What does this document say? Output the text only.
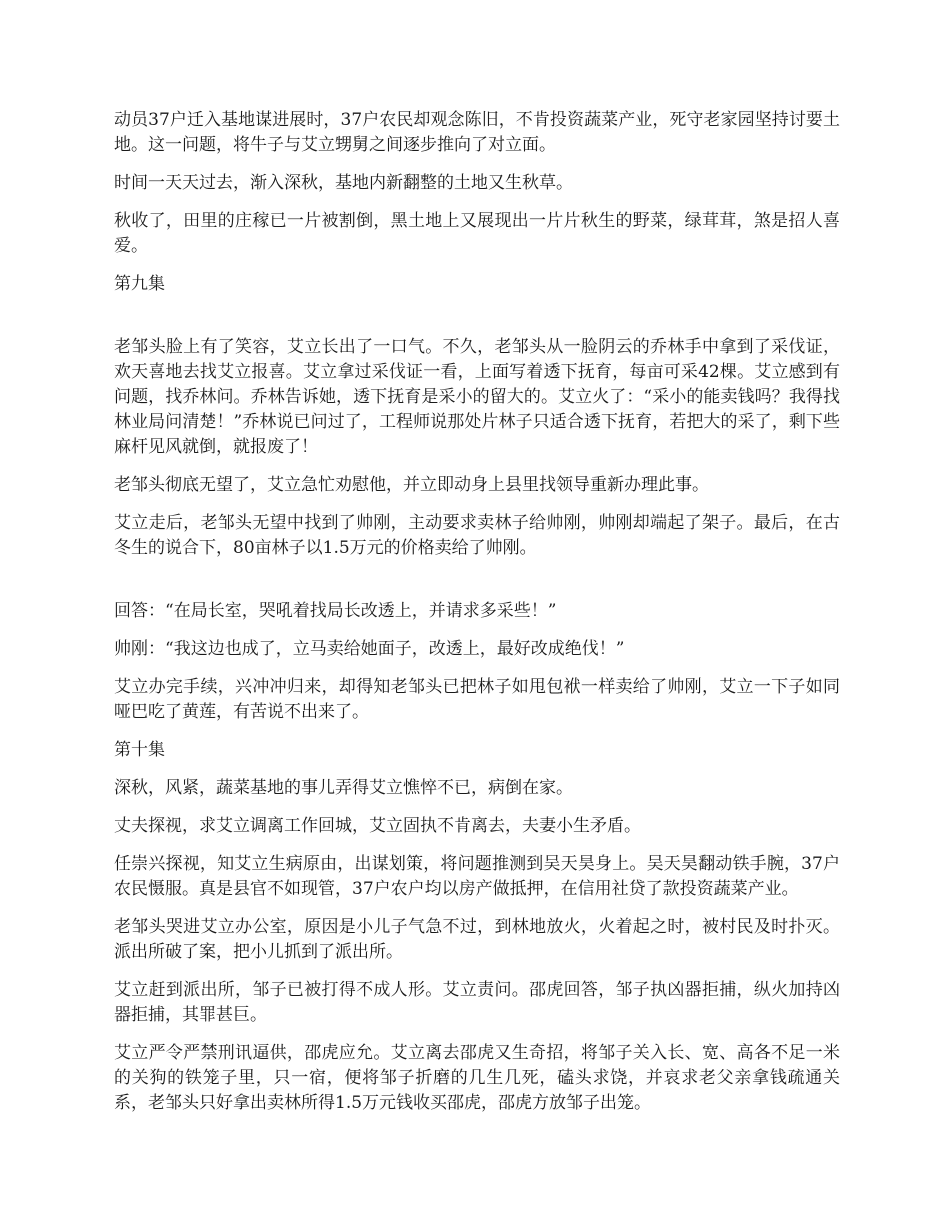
动员37户迁入基地谋进展时，37户农民却观念陈旧，不肯投资蔬菜产业，死守老家园坚持讨要土地。这一问题，将牛子与艾立甥舅之间逐步推向了对立面。

时间一天天过去，渐入深秋，基地内新翻整的土地又生秋草。

秋收了，田里的庄稼已一片被割倒，黑土地上又展现出一片片秋生的野菜，绿茸茸，煞是招人喜爱。

第九集

老邹头脸上有了笑容，艾立长出了一口气。不久，老邹头从一脸阴云的乔林手中拿到了采伐证，欢天喜地去找艾立报喜。艾立拿过采伐证一看，上面写着透下抚育，每亩可采42棵。艾立感到有问题，找乔林问。乔林告诉她，透下抚育是采小的留大的。艾立火了：“采小的能卖钱吗？我得找林业局问清楚！”乔林说已问过了，工程师说那处片林子只适合透下抚育，若把大的采了，剩下些麻杆见风就倒，就报废了！

老邹头彻底无望了，艾立急忙劝慰他，并立即动身上县里找领导重新办理此事。

艾立走后，老邹头无望中找到了帅刚，主动要求卖林子给帅刚，帅刚却端起了架子。最后，在古冬生的说合下，80亩林子以1.5万元的价格卖给了帅刚。

回答：“在局长室，哭吼着找局长改透上，并请求多采些！”

帅刚：“我这边也成了，立马卖给她面子，改透上，最好改成绝伐！”

艾立办完手续，兴冲冲归来，却得知老邹头已把林子如甩包袱一样卖给了帅刚，艾立一下子如同哑巴吃了黄莲，有苦说不出来了。

第十集

深秋，风紧，蔬菜基地的事儿弄得艾立憔悴不已，病倒在家。

丈夫探视，求艾立调离工作回城，艾立固执不肯离去，夫妻小生矛盾。

任崇兴探视，知艾立生病原由，出谋划策，将问题推测到吴天昊身上。吴天昊翻动铁手腕，37户农民慑服。真是县官不如现管，37户农户均以房产做抵押，在信用社贷了款投资蔬菜产业。

老邹头哭进艾立办公室，原因是小儿子气急不过，到林地放火，火着起之时，被村民及时扑灭。派出所破了案，把小儿抓到了派出所。

艾立赶到派出所，邹子已被打得不成人形。艾立责问。邵虎回答，邹子执凶器拒捕，纵火加持凶器拒捕，其罪甚巨。

艾立严令严禁刑讯逼供，邵虎应允。艾立离去邵虎又生奇招，将邹子关入长、宽、高各不足一米的关狗的铁笼子里，只一宿，便将邹子折磨的几生几死，磕头求饶，并哀求老父亲拿钱疏通关系，老邹头只好拿出卖林所得1.5万元钱收买邵虎，邵虎方放邹子出笼。
